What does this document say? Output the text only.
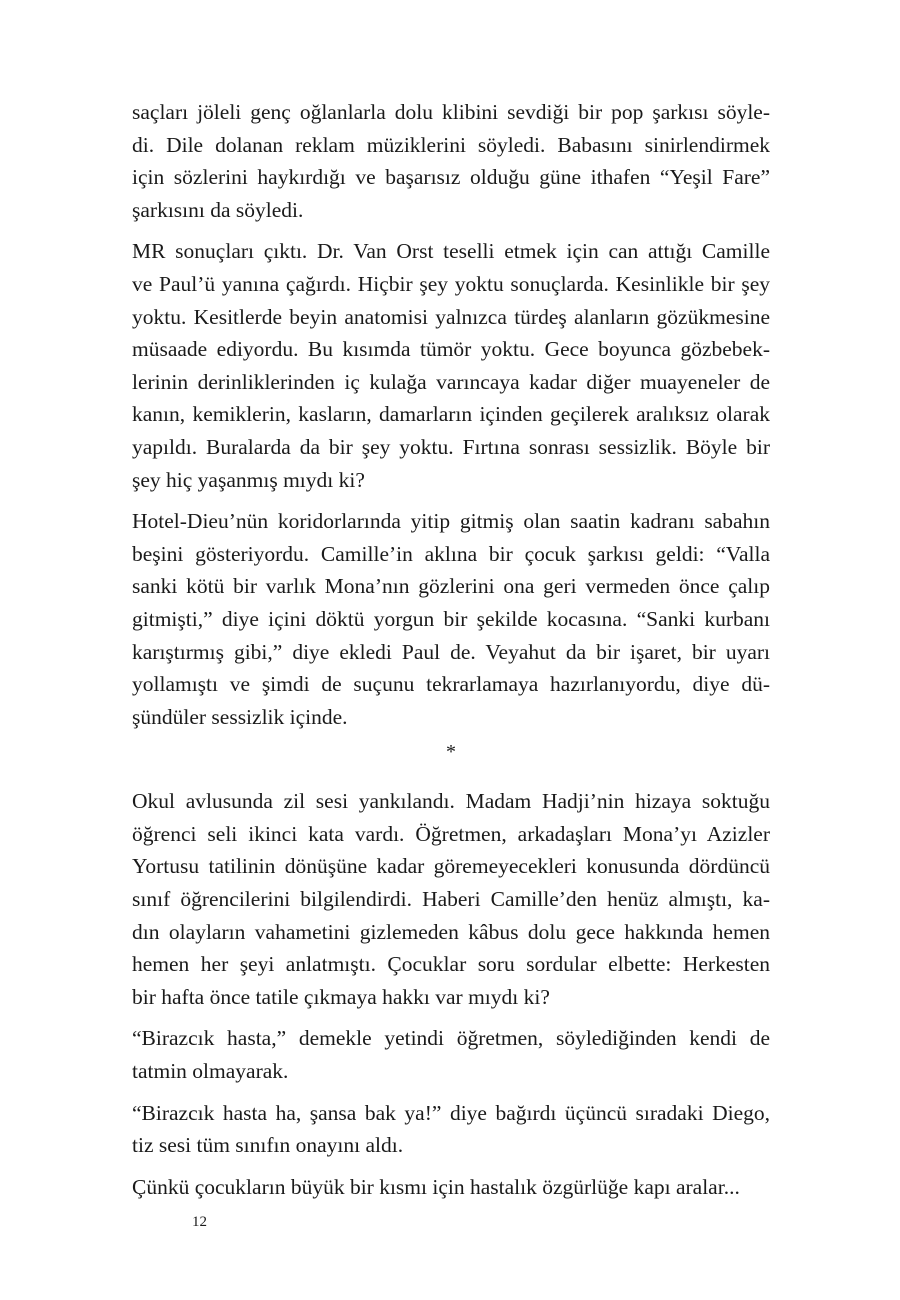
saçları jöleli genç oğlanlarla dolu klibini sevdiği bir pop şarkısı söyle-
di. Dile dolanan reklam müziklerini söyledi. Babasını sinirlendirmek
için sözlerini haykırdığı ve başarısız olduğu güne ithafen “Yeşil Fare”
şarkısını da söyledi.
MR sonuçları çıktı. Dr. Van Orst teselli etmek için can attığı Camille
ve Paul’ü yanına çağırdı. Hiçbir şey yoktu sonuçlarda. Kesinlikle bir şey
yoktu. Kesitlerde beyin anatomisi yalnızca türdeş alanların gözükmesine
müsaade ediyordu. Bu kısımda tümör yoktu. Gece boyunca gözbebek-
lerinin derinliklerinden iç kulağa varıncaya kadar diğer muayeneler de
kanın, kemiklerin, kasların, damarların içinden geçilerek aralıksız olarak
yapıldı. Buralarda da bir şey yoktu. Fırtına sonrası sessizlik. Böyle bir
şey hiç yaşanmış mıydı ki?
Hotel-Dieu’nün koridorlarında yitip gitmiş olan saatin kadranı sabahın
beşini gösteriyordu. Camille’in aklına bir çocuk şarkısı geldi: “Valla
sanki kötü bir varlık Mona’nın gözlerini ona geri vermeden önce çalıp
gitmişti,” diye içini döktü yorgun bir şekilde kocasına. “Sanki kurbanı
karıştırmış gibi,” diye ekledi Paul de. Veyahut da bir işaret, bir uyarı
yollamıştı ve şimdi de suçunu tekrarlamaya hazırlanıyordu, diye dü-
şündüler sessizlik içinde.
*
Okul avlusunda zil sesi yankılandı. Madam Hadji’nin hizaya soktuğu
öğrenci seli ikinci kata vardı. Öğretmen, arkadaşları Mona’yı Azizler
Yortusu tatilinin dönüşüne kadar göremeyecekleri konusunda dördüncü
sınıf öğrencilerini bilgilendirdi. Haberi Camille’den henüz almıştı, ka-
dın olayların vahametini gizlemeden kâbus dolu gece hakkında hemen
hemen her şeyi anlatmıştı. Çocuklar soru sordular elbette: Herkesten
bir hafta önce tatile çıkmaya hakkı var mıydı ki?
“Birazcık hasta,” demekle yetindi öğretmen, söylediğinden kendi de
tatmin olmayarak.
“Birazcık hasta ha, şansa bak ya!” diye bağırdı üçüncü sıradaki Diego,
tiz sesi tüm sınıfın onayını aldı.
Çünkü çocukların büyük bir kısmı için hastalık özgürlüğe kapı aralar...
12
